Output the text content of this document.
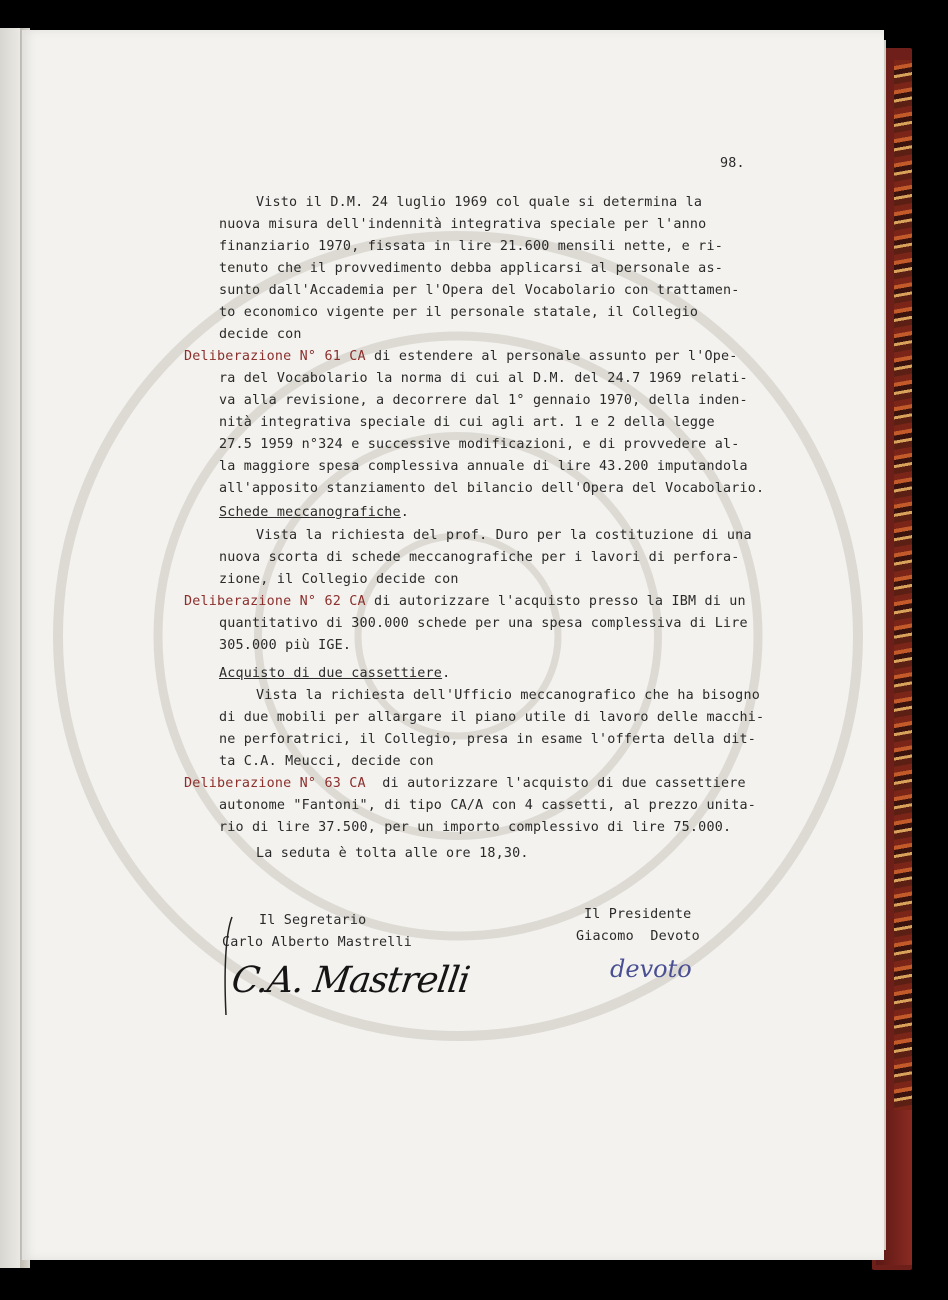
98.
Visto il D.M. 24 luglio 1969 col quale si determina la
nuova misura dell'indennità integrativa speciale per l'anno
finanziario 1970, fissata in lire 21.600 mensili nette, e ri-
tenuto che il provvedimento debba applicarsi al personale as-
sunto dall'Accademia per l'Opera del Vocabolario con trattamen-
to economico vigente per il personale statale, il Collegio
decide con
Deliberazione N° 61 CA di estendere al personale assunto per l'Ope-
ra del Vocabolario la norma di cui al D.M. del 24.7 1969 relati-
va alla revisione, a decorrere dal 1° gennaio 1970, della inden-
nità integrativa speciale di cui agli art. 1 e 2 della legge
27.5 1959 n°324 e successive modificazioni, e di provvedere al-
la maggiore spesa complessiva annuale di lire 43.200 imputandola
all'apposito stanziamento del bilancio dell'Opera del Vocabolario.
Schede meccanografiche.
Vista la richiesta del prof. Duro per la costituzione di una
nuova scorta di schede meccanografiche per i lavori di perfora-
zione, il Collegio decide con
Deliberazione N° 62 CA di autorizzare l'acquisto presso la IBM di un
quantitativo di 300.000 schede per una spesa complessiva di Lire
305.000 più IGE.
Acquisto di due cassettiere.
Vista la richiesta dell'Ufficio meccanografico che ha bisogno
di due mobili per allargare il piano utile di lavoro delle macchi-
ne perforatrici, il Collegio, presa in esame l'offerta della dit-
ta C.A. Meucci, decide con
Deliberazione N° 63 CA  di autorizzare l'acquisto di due cassettiere
autonome "Fantoni", di tipo CA/A con 4 cassetti, al prezzo unita-
rio di lire 37.500, per un importo complessivo di lire 75.000.
La seduta è tolta alle ore 18,30.
Il Segretario
Carlo Alberto Mastrelli
Il Presidente
Giacomo  Devoto
C.A. Mastrelli	devoto
